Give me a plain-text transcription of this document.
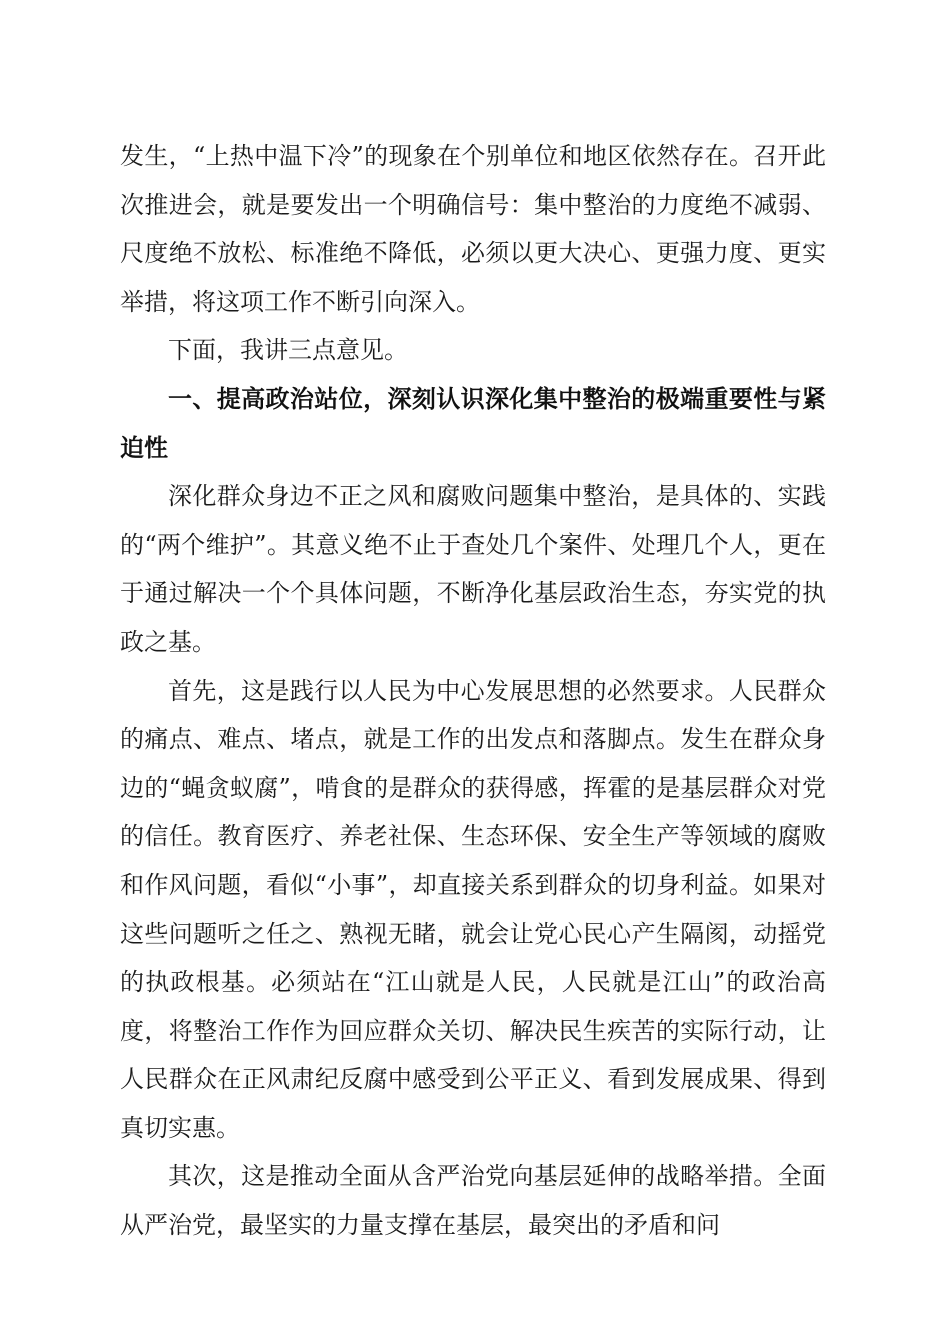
发生，“上热中温下冷”的现象在个别单位和地区依然存在。召开此次推进会，就是要发出一个明确信号：集中整治的力度绝不减弱、尺度绝不放松、标准绝不降低，必须以更大决心、更强力度、更实举措，将这项工作不断引向深入。

下面，我讲三点意见。

一、提高政治站位，深刻认识深化集中整治的极端重要性与紧迫性

深化群众身边不正之风和腐败问题集中整治，是具体的、实践的“两个维护”。其意义绝不止于查处几个案件、处理几个人，更在于通过解决一个个具体问题，不断净化基层政治生态，夯实党的执政之基。

首先，这是践行以人民为中心发展思想的必然要求。人民群众的痛点、难点、堵点，就是工作的出发点和落脚点。发生在群众身边的“蝇贪蚁腐”，啃食的是群众的获得感，挥霍的是基层群众对党的信任。教育医疗、养老社保、生态环保、安全生产等领域的腐败和作风问题，看似“小事”，却直接关系到群众的切身利益。如果对这些问题听之任之、熟视无睹，就会让党心民心产生隔阂，动摇党的执政根基。必须站在“江山就是人民，人民就是江山”的政治高度，将整治工作作为回应群众关切、解决民生疾苦的实际行动，让人民群众在正风肃纪反腐中感受到公平正义、看到发展成果、得到真切实惠。

其次，这是推动全面从含严治党向基层延伸的战略举措。全面从严治党，最坚实的力量支撑在基层，最突出的矛盾和问
